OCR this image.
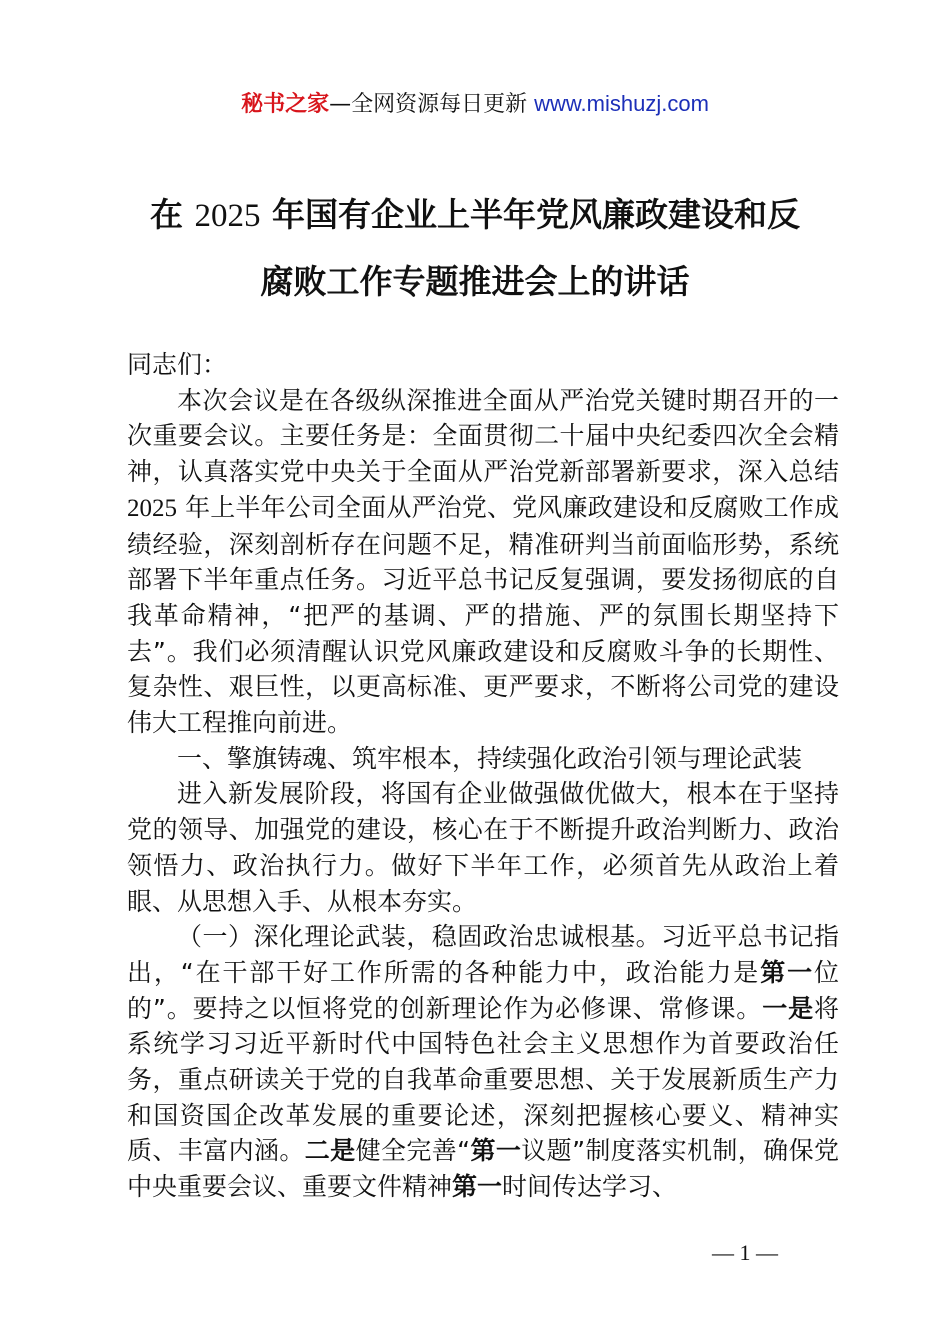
秘书之家—全网资源每日更新 www.mishuzj.com
在 2025 年国有企业上半年党风廉政建设和反
腐败工作专题推进会上的讲话

同志们：

本次会议是在各级纵深推进全面从严治党关键时期召开的一次重要会议。主要任务是：全面贯彻二十届中央纪委四次全会精神，认真落实党中央关于全面从严治党新部署新要求，深入总结 2025 年上半年公司全面从严治党、党风廉政建设和反腐败工作成绩经验，深刻剖析存在问题不足，精准研判当前面临形势，系统部署下半年重点任务。习近平总书记反复强调，要发扬彻底的自我革命精神，“把严的基调、严的措施、严的氛围长期坚持下去”。我们必须清醒认识党风廉政建设和反腐败斗争的长期性、复杂性、艰巨性，以更高标准、更严要求，不断将公司党的建设伟大工程推向前进。

一、擎旗铸魂、筑牢根本，持续强化政治引领与理论武装

进入新发展阶段，将国有企业做强做优做大，根本在于坚持党的领导、加强党的建设，核心在于不断提升政治判断力、政治领悟力、政治执行力。做好下半年工作，必须首先从政治上着眼、从思想入手、从根本夯实。

（一）深化理论武装，稳固政治忠诚根基。习近平总书记指出，“在干部干好工作所需的各种能力中，政治能力是第一位的”。要持之以恒将党的创新理论作为必修课、常修课。一是将系统学习习近平新时代中国特色社会主义思想作为首要政治任务，重点研读关于党的自我革命重要思想、关于发展新质生产力和国资国企改革发展的重要论述，深刻把握核心要义、精神实质、丰富内涵。二是健全完善“第一议题”制度落实机制，确保党中央重要会议、重要文件精神第一时间传达学习、

— 1 —
